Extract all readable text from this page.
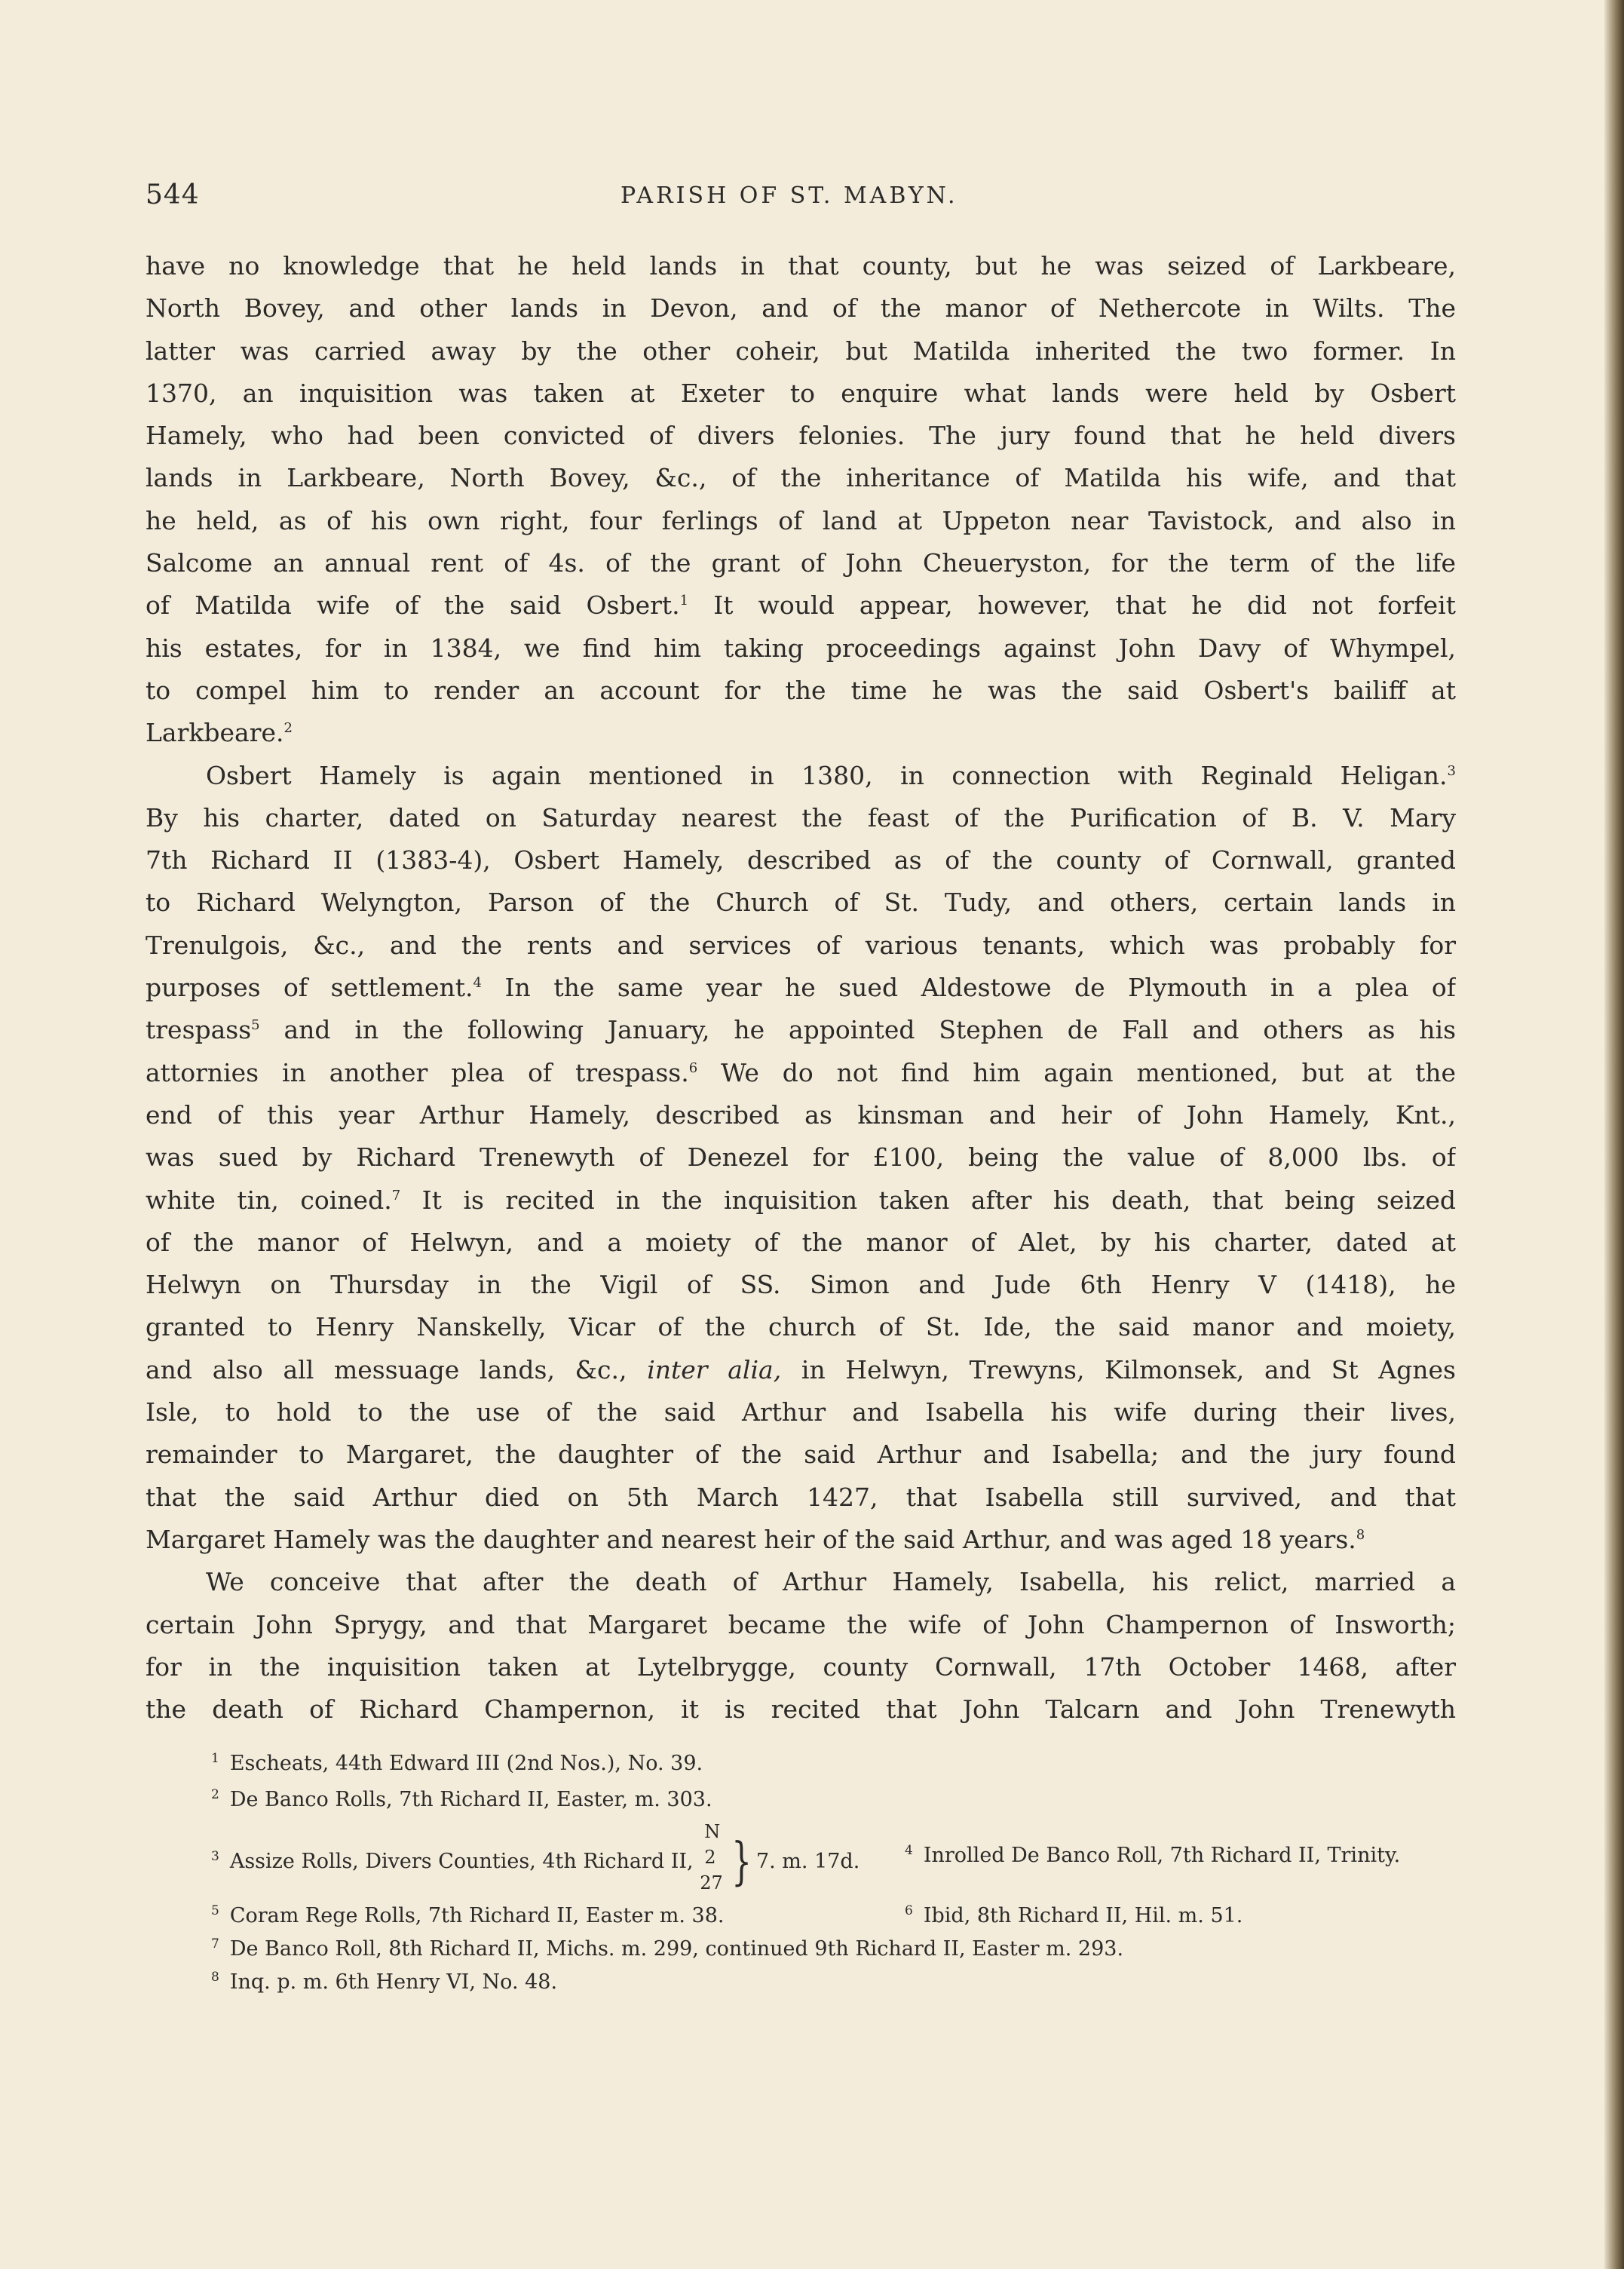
544	PARISH OF ST. MABYN.
have no knowledge that he held lands in that county, but he was seized of Larkbeare,
North Bovey, and other lands in Devon, and of the manor of Nethercote in Wilts. The
latter was carried away by the other coheir, but Matilda inherited the two former. In
1370, an inquisition was taken at Exeter to enquire what lands were held by Osbert
Hamely, who had been convicted of divers felonies. The jury found that he held divers
lands in Larkbeare, North Bovey, &c., of the inheritance of Matilda his wife, and that
he held, as of his own right, four ferlings of land at Uppeton near Tavistock, and also in
Salcome an annual rent of 4s. of the grant of John Cheueryston, for the term of the life
of Matilda wife of the said Osbert.$^1$ It would appear, however, that he did not forfeit
his estates, for in 1384, we find him taking proceedings against John Davy of Whympel,
to compel him to render an account for the time he was the said Osbert's bailiff at
Larkbeare.$^2$
Osbert Hamely is again mentioned in 1380, in connection with Reginald Heligan.$^3$
By his charter, dated on Saturday nearest the feast of the Purification of B. V. Mary
7th Richard II (1383-4), Osbert Hamely, described as of the county of Cornwall, granted
to Richard Welyngton, Parson of the Church of St. Tudy, and others, certain lands in
Trenulgois, &c., and the rents and services of various tenants, which was probably for
purposes of settlement.$^4$ In the same year he sued Aldestowe de Plymouth in a plea of
trespass$^5$ and in the following January, he appointed Stephen de Fall and others as his
attornies in another plea of trespass.$^6$ We do not find him again mentioned, but at the
end of this year Arthur Hamely, described as kinsman and heir of John Hamely, Knt.,
was sued by Richard Trenewyth of Denezel for £100, being the value of 8,000 lbs. of
white tin, coined.$^7$ It is recited in the inquisition taken after his death, that being seized
of the manor of Helwyn, and a moiety of the manor of Alet, by his charter, dated at
Helwyn on Thursday in the Vigil of SS. Simon and Jude 6th Henry V (1418), he
granted to Henry Nanskelly, Vicar of the church of St. Ide, the said manor and moiety,
and also all messuage lands, &c., inter alia, in Helwyn, Trewyns, Kilmonsek, and St Agnes
Isle, to hold to the use of the said Arthur and Isabella his wife during their lives,
remainder to Margaret, the daughter of the said Arthur and Isabella; and the jury found
that the said Arthur died on 5th March 1427, that Isabella still survived, and that
Margaret Hamely was the daughter and nearest heir of the said Arthur, and was aged 18 years.$^8$
We conceive that after the death of Arthur Hamely, Isabella, his relict, married a
certain John Sprygy, and that Margaret became the wife of John Champernon of Insworth;
for in the inquisition taken at Lytelbrygge, county Cornwall, 17th October 1468, after
the death of Richard Champernon, it is recited that John Talcarn and John Trenewyth
$^1$ Escheats, 44th Edward III (2nd Nos.), No. 39.
$^2$ De Banco Rolls, 7th Richard II, Easter, m. 303.
$^3$ Assize Rolls, Divers Counties, 4th Richard II,
N
2
27 } 7. m. 17d.	$^4$ Inrolled De Banco Roll, 7th Richard II, Trinity.
$^5$ Coram Rege Rolls, 7th Richard II, Easter m. 38.	$^6$ Ibid, 8th Richard II, Hil. m. 51.
$^7$ De Banco Roll, 8th Richard II, Michs. m. 299, continued 9th Richard II, Easter m. 293.
$^8$ Inq. p. m. 6th Henry VI, No. 48.
